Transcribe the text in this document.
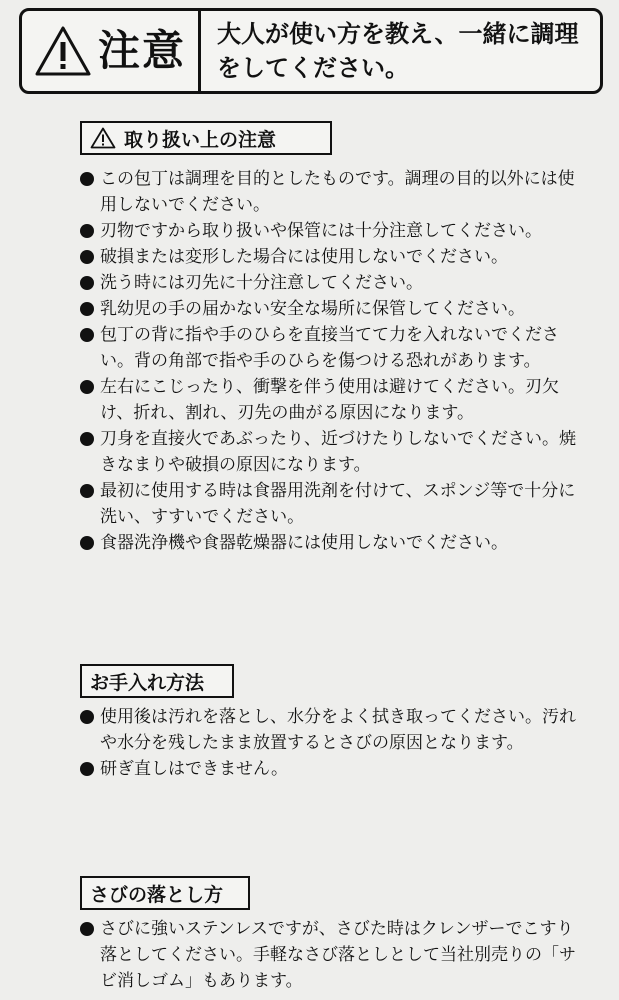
注意	大人が使い方を教え、一緒に調理をしてください。
取り扱い上の注意
この包丁は調理を目的としたものです。調理の目的以外には使用しないでください。
刃物ですから取り扱いや保管には十分注意してください。
破損または変形した場合には使用しないでください。
洗う時には刃先に十分注意してください。
乳幼児の手の届かない安全な場所に保管してください。
包丁の背に指や手のひらを直接当てて力を入れないでください。背の角部で指や手のひらを傷つける恐れがあります。
左右にこじったり、衝撃を伴う使用は避けてください。刃欠け、折れ、割れ、刃先の曲がる原因になります。
刀身を直接火であぶったり、近づけたりしないでください。焼きなまりや破損の原因になります。
最初に使用する時は食器用洗剤を付けて、スポンジ等で十分に洗い、すすいでください。
食器洗浄機や食器乾燥器には使用しないでください。
お手入れ方法
使用後は汚れを落とし、水分をよく拭き取ってください。汚れや水分を残したまま放置するとさびの原因となります。
研ぎ直しはできません。
さびの落とし方
さびに強いステンレスですが、さびた時はクレンザーでこすり落としてください。手軽なさび落としとして当社別売りの「サビ消しゴム」もあります。
